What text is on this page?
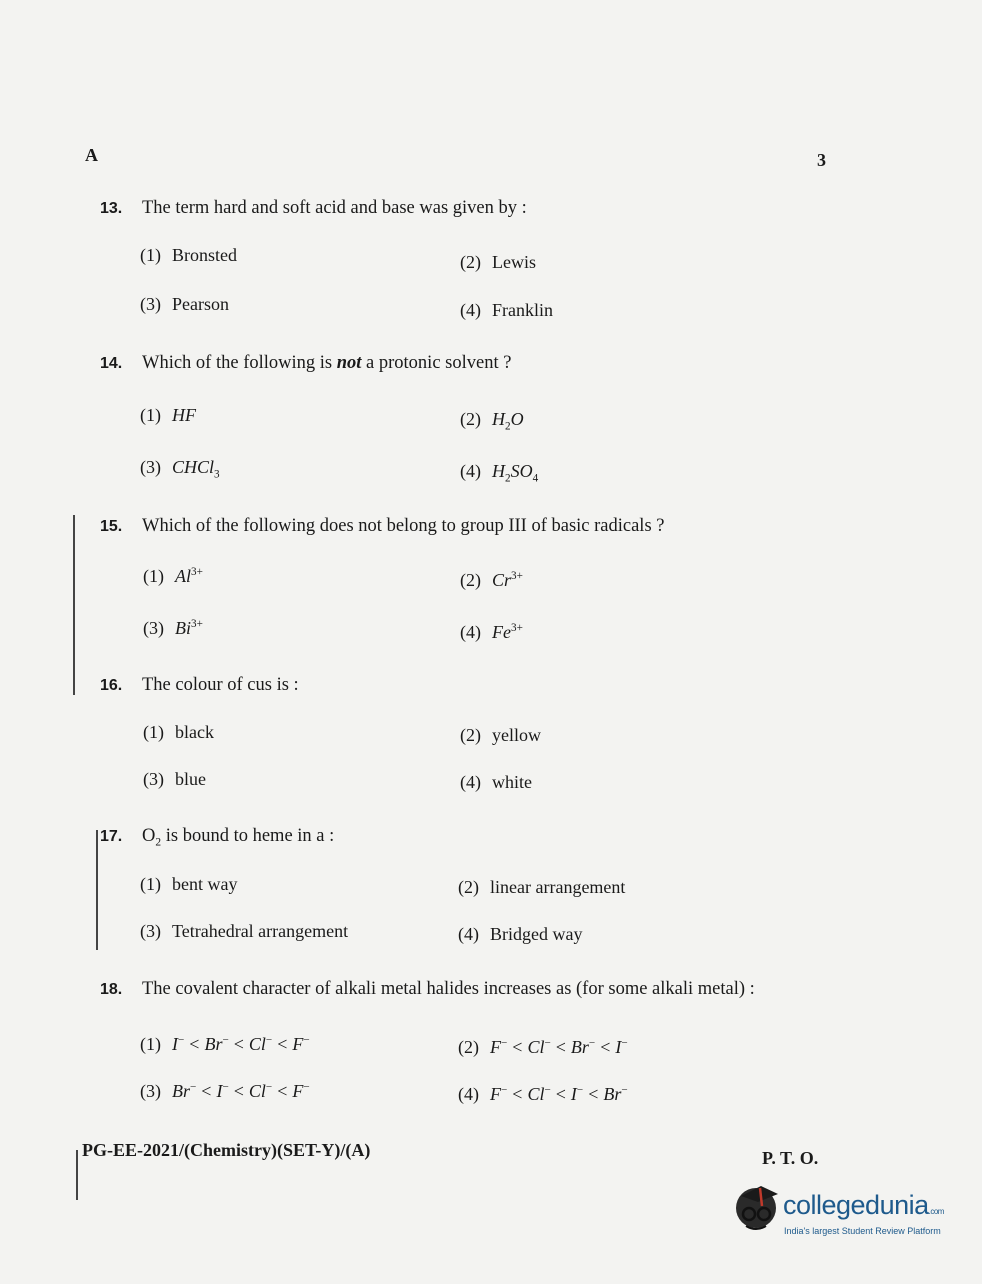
A	3
13.	The term hard and soft acid and base was given by :
(1) Bronsted	(2) Lewis
(3) Pearson	(4) Franklin
14.	Which of the following is not a protonic solvent ?
(1) HF	(2) $H_2O$
(3) CHCl$_3$	(4) $H_2SO_4$
15.	Which of the following does not belong to group III of basic radicals ?
(1) $Al^{3+}$	(2) $Cr^{3+}$
(3) $Bi^{3+}$	(4) $Fe^{3+}$
16.	The colour of cus is :
(1) black	(2) yellow
(3) blue	(4) white
17.	$O_2$ is bound to heme in a :
(1) bent way	(2) linear arrangement
(3) Tetrahedral arrangement	(4) Bridged way
18.	The covalent character of alkali metal halides increases as (for some alkali metal) :
(1) I− < Br− < Cl− < F−	(2) F− < Cl− < Br− < I−
(3) Br− < I− < Cl− < F−	(4) F− < Cl− < I− < Br−
PG-EE-2021/(Chemistry)(SET-Y)/(A)	P. T. O.
collegedunia.com
India's largest Student Review Platform
